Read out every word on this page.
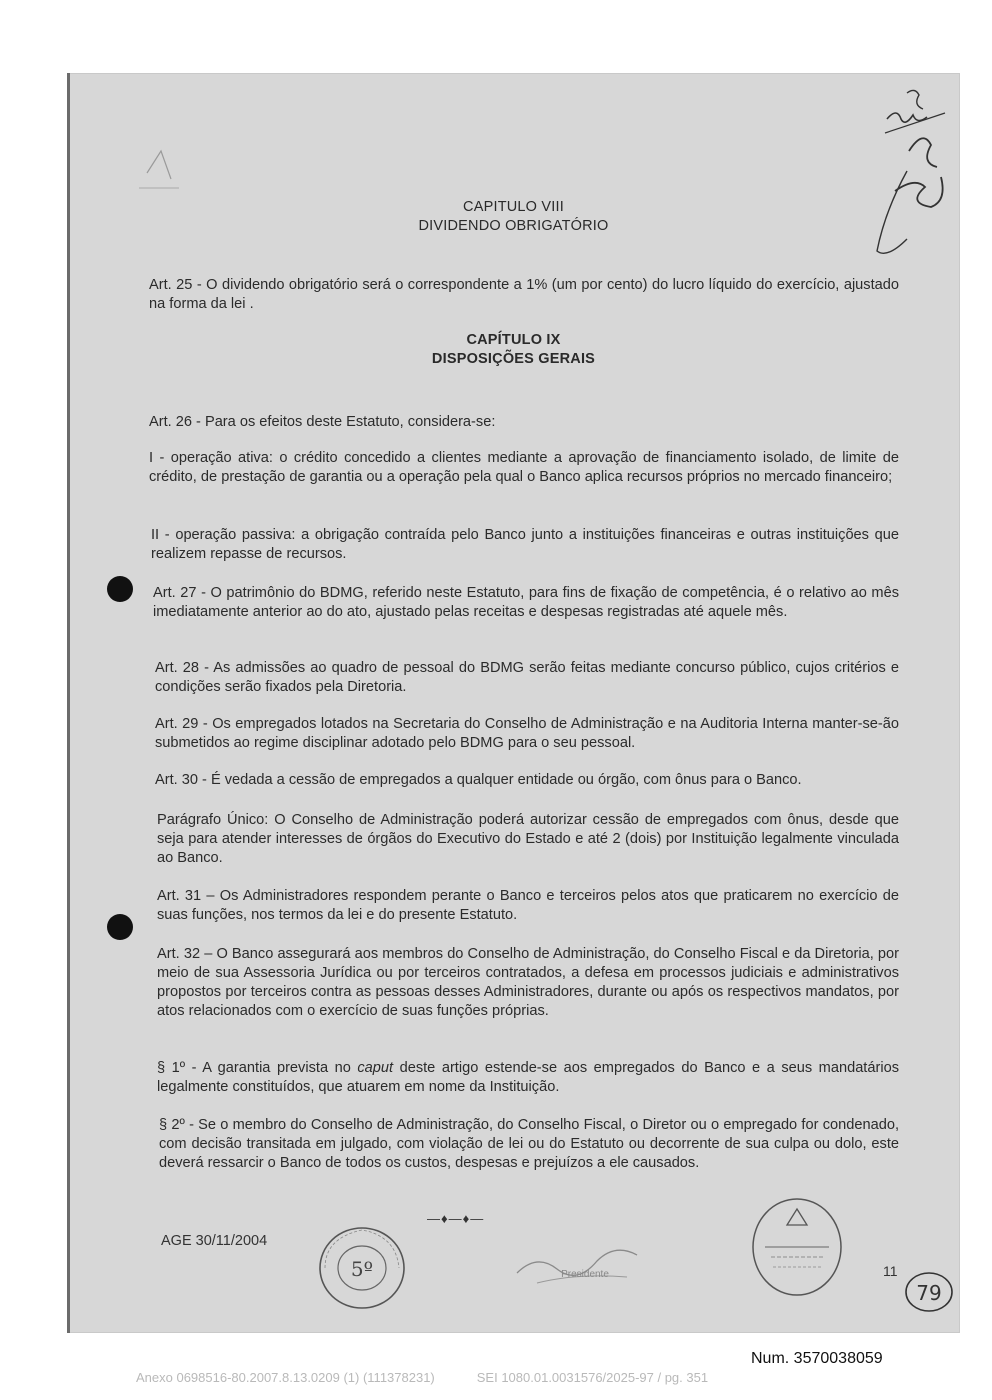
CAPITULO VIII
DIVIDENDO OBRIGATÓRIO

Art. 25 - O dividendo obrigatório será o correspondente a 1% (um por cento) do lucro líquido do exercício, ajustado na forma da lei .

CAPÍTULO IX
DISPOSIÇÕES GERAIS

Art. 26 - Para os efeitos deste Estatuto, considera-se:

I - operação ativa: o crédito concedido a clientes mediante a aprovação de financiamento isolado, de limite de crédito, de prestação de garantia ou a operação pela qual o Banco aplica recursos próprios no mercado financeiro;

II - operação passiva: a obrigação contraída pelo Banco junto a instituições financeiras e outras instituições que realizem repasse de recursos.

Art. 27 - O patrimônio do BDMG, referido neste Estatuto, para fins de fixação de competência, é o relativo ao mês imediatamente anterior ao do ato, ajustado pelas receitas e despesas registradas até aquele mês.

Art. 28 - As admissões ao quadro de pessoal do BDMG serão feitas mediante concurso público, cujos critérios e condições serão fixados pela Diretoria.

Art. 29 - Os empregados lotados na Secretaria do Conselho de Administração e na Auditoria Interna manter-se-ão submetidos ao regime disciplinar adotado pelo BDMG para o seu pessoal.

Art. 30 - É vedada a cessão de empregados a qualquer entidade ou órgão, com ônus para o Banco.

Parágrafo Único: O Conselho de Administração poderá autorizar cessão de empregados com ônus, desde que seja para atender interesses de órgãos do Executivo do Estado e até 2 (dois) por Instituição legalmente vinculada ao Banco.

Art. 31 – Os Administradores respondem perante o Banco e terceiros pelos atos que praticarem no exercício de suas funções, nos termos da lei e do presente Estatuto.

Art. 32 – O Banco assegurará aos membros do Conselho de Administração, do Conselho Fiscal e da Diretoria, por meio de sua Assessoria Jurídica ou por terceiros contratados, a defesa em processos judiciais e administrativos propostos por terceiros contra as pessoas desses Administradores, durante ou após os respectivos mandatos, por atos relacionados com o exercício de suas funções próprias.

§ 1º - A garantia prevista no caput deste artigo estende-se aos empregados do Banco e a seus mandatários legalmente constituídos, que atuarem em nome da Instituição.

§ 2º - Se o membro do Conselho de Administração, do Conselho Fiscal, o Diretor ou o empregado for condenado, com decisão transitada em julgado, com violação de lei ou do Estatuto ou decorrente de sua culpa ou dolo, este deverá ressarcir o Banco de todos os custos, despesas e prejuízos a ele causados.

—♦—♦—
AGE 30/11/2004
5º	Presidente	11
79
Num. 3570038059
Anexo 0698516-80.2007.8.13.0209 (1) (111378231)	SEI 1080.01.0031576/2025-97 / pg. 351
